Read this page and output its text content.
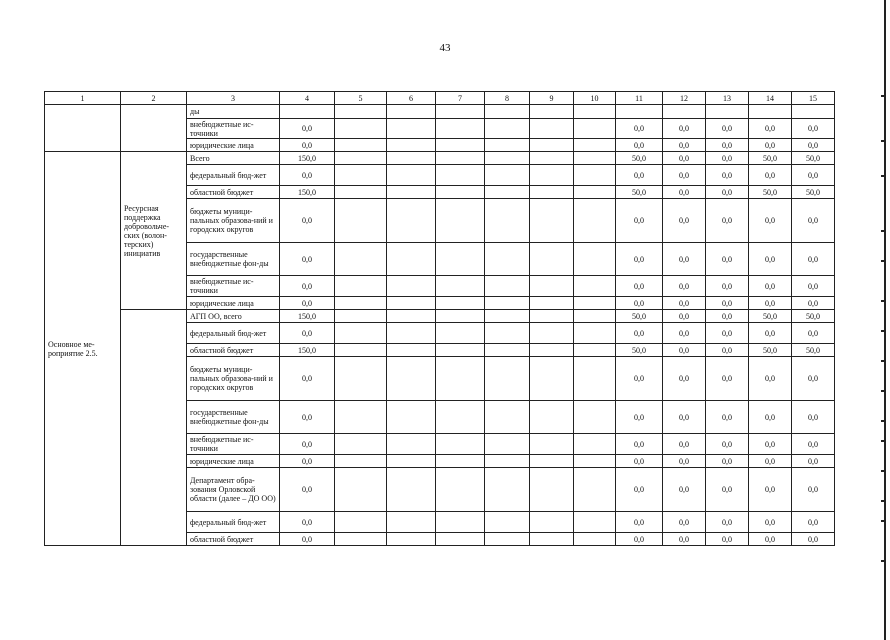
43
1	2	3	4	5	6	7	8	9	10	11	12	13	14	15
		ды												
		внебюджетные ис-точники	0,0							0,0	0,0	0,0	0,0	0,0
		юридические лица	0,0							0,0	0,0	0,0	0,0	0,0
Основное ме-роприятие 2.5.	Ресурсная поддержка добровольче-ских (волон-терских) инициатив	Всего	150,0							50,0	0,0	0,0	50,0	50,0
		федеральный бюд-жет	0,0							0,0	0,0	0,0	0,0	0,0
		областной бюджет	150,0							50,0	0,0	0,0	50,0	50,0
		бюджеты муници-пальных образова-ний и городских округов	0,0							0,0	0,0	0,0	0,0	0,0
		государственные внебюджетные фон-ды	0,0							0,0	0,0	0,0	0,0	0,0
		внебюджетные ис-точники	0,0							0,0	0,0	0,0	0,0	0,0
		юридические лица	0,0							0,0	0,0	0,0	0,0	0,0
		АГП ОО, всего	150,0							50,0	0,0	0,0	50,0	50,0
		федеральный бюд-жет	0,0							0,0	0,0	0,0	0,0	0,0
		областной бюджет	150,0							50,0	0,0	0,0	50,0	50,0
		бюджеты муници-пальных образова-ний и городских округов	0,0							0,0	0,0	0,0	0,0	0,0
		государственные внебюджетные фон-ды	0,0							0,0	0,0	0,0	0,0	0,0
		внебюджетные ис-точники	0,0							0,0	0,0	0,0	0,0	0,0
		юридические лица	0,0							0,0	0,0	0,0	0,0	0,0
		Департамент обра-зования Орловской области (далее – ДО ОО)	0,0							0,0	0,0	0,0	0,0	0,0
		федеральный бюд-жет	0,0							0,0	0,0	0,0	0,0	0,0
		областной бюджет	0,0							0,0	0,0	0,0	0,0	0,0
